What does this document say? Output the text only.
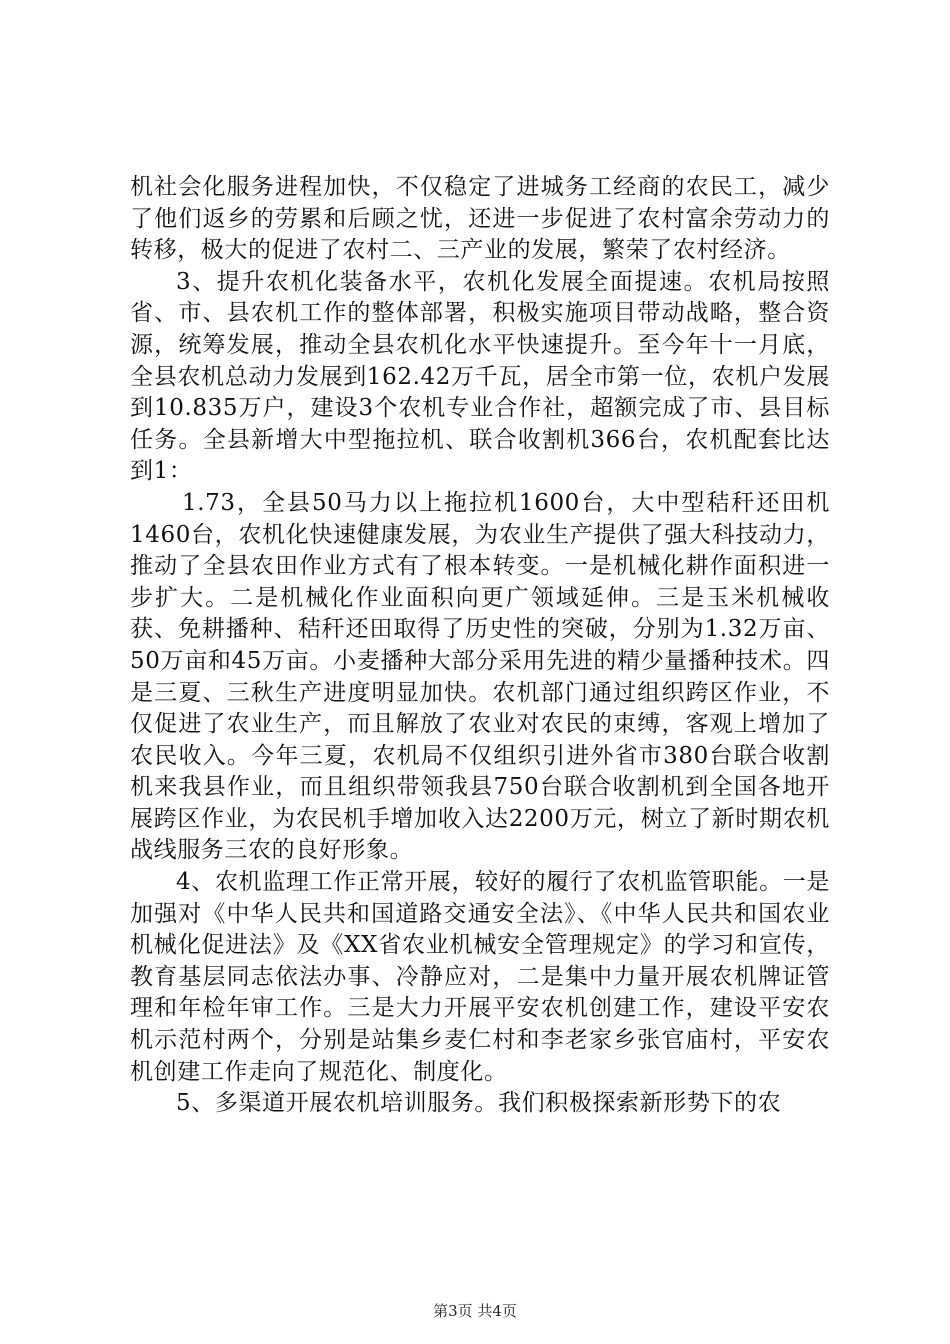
机社会化服务进程加快，不仅稳定了进城务工经商的农民工，减少了他们返乡的劳累和后顾之忧，还进一步促进了农村富余劳动力的转移，极大的促进了农村二、三产业的发展，繁荣了农村经济。

3、提升农机化装备水平，农机化发展全面提速。农机局按照省、市、县农机工作的整体部署，积极实施项目带动战略，整合资源，统筹发展，推动全县农机化水平快速提升。至今年十一月底，全县农机总动力发展到162.42万千瓦，居全市第一位，农机户发展到10.835万户，建设3个农机专业合作社，超额完成了市、县目标任务。全县新增大中型拖拉机、联合收割机366台，农机配套比达到1：

1.73，全县50马力以上拖拉机1600台，大中型秸秆还田机1460台，农机化快速健康发展，为农业生产提供了强大科技动力，推动了全县农田作业方式有了根本转变。一是机械化耕作面积进一步扩大。二是机械化作业面积向更广领域延伸。三是玉米机械收获、免耕播种、秸秆还田取得了历史性的突破，分别为1.32万亩、50万亩和45万亩。小麦播种大部分采用先进的精少量播种技术。四是三夏、三秋生产进度明显加快。农机部门通过组织跨区作业，不仅促进了农业生产，而且解放了农业对农民的束缚，客观上增加了农民收入。今年三夏，农机局不仅组织引进外省市380台联合收割机来我县作业，而且组织带领我县750台联合收割机到全国各地开展跨区作业，为农民机手增加收入达2200万元，树立了新时期农机战线服务三农的良好形象。

4、农机监理工作正常开展，较好的履行了农机监管职能。一是加强对《中华人民共和国道路交通安全法》、《中华人民共和国农业机械化促进法》及《XX省农业机械安全管理规定》的学习和宣传，教育基层同志依法办事、冷静应对，二是集中力量开展农机牌证管理和年检年审工作。三是大力开展平安农机创建工作，建设平安农机示范村两个，分别是站集乡麦仁村和李老家乡张官庙村，平安农机创建工作走向了规范化、制度化。

5、多渠道开展农机培训服务。我们积极探索新形势下的农

第3页 共4页
